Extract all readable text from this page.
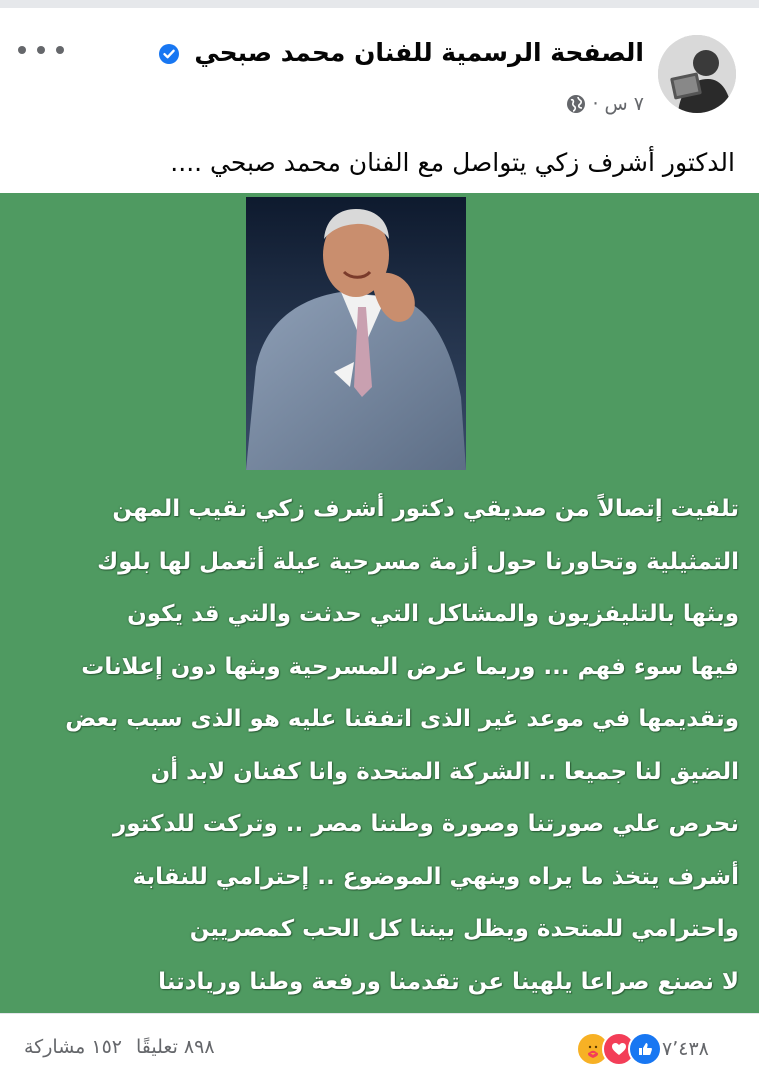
الصفحة الرسمية للفنان محمد صبحي
٧ س ·
الدكتور أشرف زكي يتواصل مع الفنان محمد صبحي ....
تلقيت إتصالاً من صديقي دكتور أشرف زكي نقيب المهن
التمثيلية وتحاورنا حول أزمة مسرحية عيلة أتعمل لها بلوك
وبثها بالتليفزيون والمشاكل التي حدثت والتي قد يكون
فيها سوء فهم ... وربما عرض المسرحية وبثها دون إعلانات
وتقديمها في موعد غير الذى اتفقنا عليه هو الذى سبب بعض
الضيق لنا جميعا .. الشركة المتحدة وانا كفنان لابد أن
نحرص علي صورتنا وصورة وطننا مصر .. وتركت للدكتور
أشرف يتخذ ما يراه وينهي الموضوع .. إحترامي للنقابة
واحترامي للمتحدة ويظل بيننا كل الحب كمصريين
لا نصنع صراعا يلهينا عن تقدمنا ورفعة وطنا وريادتنا
٧٬٤٣٨
٨٩٨ تعليقًا
١٥٢ مشاركة
